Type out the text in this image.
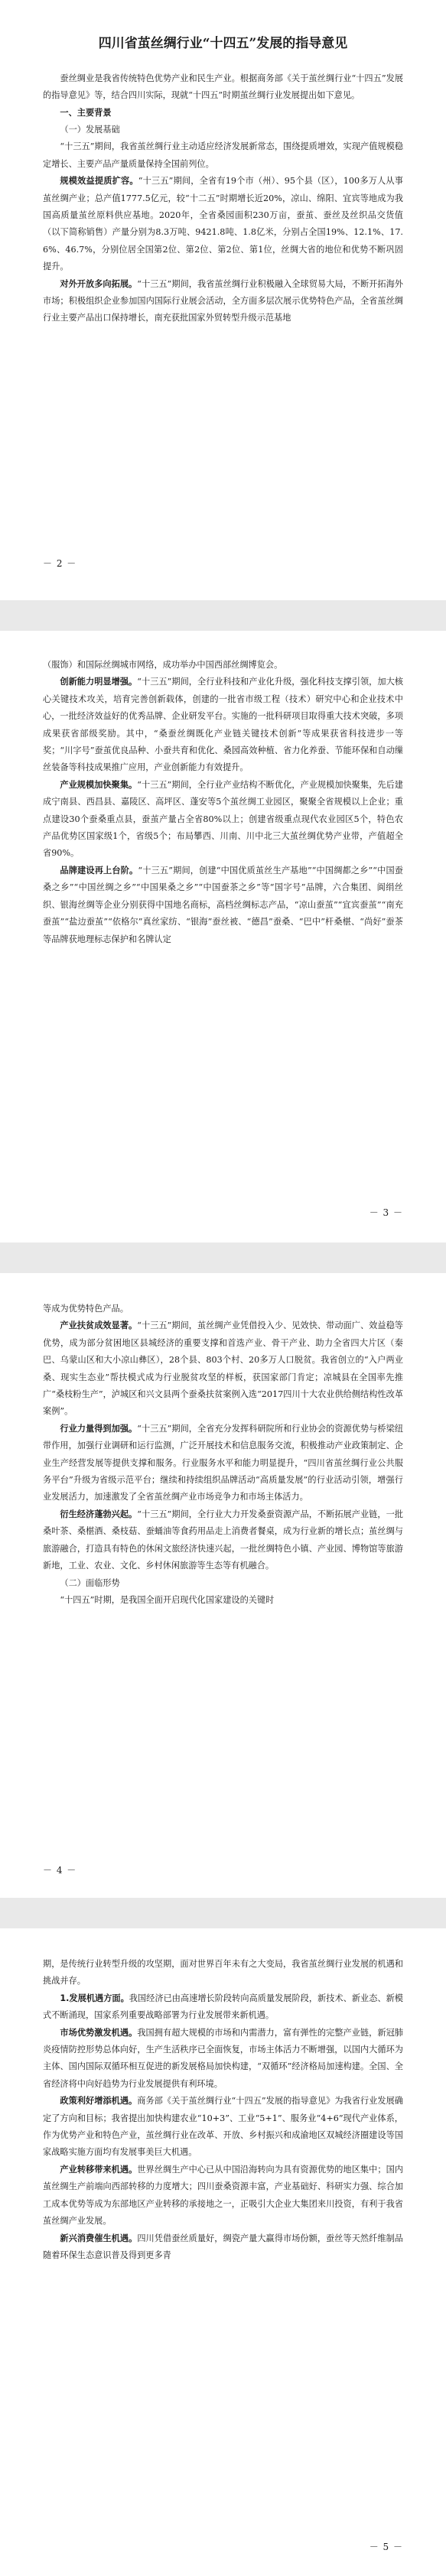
四川省茧丝绸行业“十四五”发展的指导意见

蚕丝绸业是我省传统特色优势产业和民生产业。根据商务部《关于茧丝绸行业“十四五”发展的指导意见》等，结合四川实际，现就“十四五”时期茧丝绸行业发展提出如下意见。

一、主要背景

（一）发展基础

“十三五”期间，我省茧丝绸行业主动适应经济发展新常态，围绕提质增效，实现产值规模稳定增长、主要产品产量质量保持全国前列位。

规模效益提质扩容。“十三五”期间，全省有19个市（州）、95个县（区），100多万人从事茧丝绸产业；总产值1777.5亿元，较“十二五”时期增长近20%，凉山、绵阳、宜宾等地成为我国高质量茧丝原料供应基地。2020年，全省桑园面积230万亩，蚕茧、蚕丝及丝织品交货值（以下简称销售）产量分别为8.3万吨、9421.8吨、1.8亿米，分别占全国19%、12.1%、17.6%、46.7%，分别位居全国第2位、第2位、第2位、第1位，丝绸大省的地位和优势不断巩固提升。

对外开放多向拓展。“十三五”期间，我省茧丝绸行业积极融入全球贸易大局，不断开拓海外市场；积极组织企业参加国内国际行业展会活动，全方面多层次展示优势特色产品，全省茧丝绸行业主要产品出口保持增长，南充获批国家外贸转型升级示范基地

－ 2 －

（服饰）和国际丝绸城市网络，成功举办中国西部丝绸博览会。

创新能力明显增强。“十三五”期间，全行业科技和产业化升级，强化科技支撑引领，加大核心关键技术攻关，培育完善创新载体，创建的一批省市级工程（技术）研究中心和企业技术中心，一批经济效益好的优秀品牌、企业研发平台。实施的一批科研项目取得重大技术突破，多项成果获省部级奖励。其中，“桑蚕丝绸既化产业链关键技术创新”等成果获省科技进步一等奖；“川字号”蚕茧优良品种、小蚕共育和优化、桑园高效种植、省力化养蚕、节能环保和自动缫丝装备等科技成果推广应用，产业创新能力有效提升。

产业规模加快聚集。“十三五”期间，全行业产业结构不断优化，产业规模加快聚集，先后建成宁南县、西昌县、嘉陵区、高坪区、蓬安等5个茧丝绸工业园区，聚聚全省规模以上企业；重点建设30个蚕桑重点县，蚕茧产量占全省80%以上；创建省级重点现代农业园区5个，特色农产品优势区国家级1个，省级5个；布局攀西、川南、川中北三大茧丝绸优势产业带，产值超全省90%。

品牌建设再上台阶。“十三五”期间，创建“中国优质茧丝生产基地”“中国绸都之乡”“中国蚕桑之乡”“中国丝绸之乡”“中国果桑之乡”“中国蚕茶之乡”等“国字号”品牌，六合集团、阆绢丝织、银海丝绸等企业分别获得中国地名商标，高档丝绸标志产品，“凉山蚕茧”“宜宾蚕茧”“南充蚕茧”“盐边蚕茧”“依格尔”真丝家纺、“银海”蚕丝被、“德昌”蚕桑、“巴中”杆桑椹、“尚好”蚕茶等品牌获地理标志保护和名牌认定

－ 3 －

等成为优势特色产品。

产业扶贫成效显著。“十三五”期间，茧丝绸产业凭借投入少、见效快、带动面广、效益稳等优势，成为部分贫困地区县城经济的重要支撑和首选产业、骨干产业、助力全省四大片区（秦巴、乌蒙山区和大小凉山彝区），28个县、803个村、20多万人口脱贫。我省创立的“入户两业桑、现实生态业”帮扶模式成为行业脱贫攻坚的样板，获国家部门肯定；凉城县在全国率先推广“桑枝粉生产”，泸城区和兴文县两个蚕桑扶贫案例入选“2017四川十大农业供给侧结构性改革案例”。

行业力量得到加强。“十三五”期间，全省充分发挥科研院所和行业协会的资源优势与桥梁纽带作用，加强行业调研和运行监测，广泛开展技术和信息服务交流，积极推动产业政策制定、企业生产经营发展等提供支撑和服务。行业服务水平和能力明显提升，“四川省茧丝绸行业公共服务平台”升级为省级示范平台；继续和持续组织品牌活动“高质量发展”的行业活动引领，增强行业发展活力，加速激发了全省茧丝绸产业市场竞争力和市场主体活力。

衍生经济蓬勃兴起。“十三五”期间，全行业大力开发桑蚕资源产品，不断拓展产业链，一批桑叶茶、桑椹酒、桑枝菇、蚕蛹油等食药用品走上消费者餐桌，成为行业新的增长点；茧丝绸与旅游融合，打造具有特色的休闲文旅经济快速兴起，一批丝绸特色小镇、产业园、博物馆等旅游新地，工业、农业、文化、乡村休闲旅游等生态等有机融合。

（二）面临形势

“十四五”时期，是我国全面开启现代化国家建设的关键时

－ 4 －

期，是传统行业转型升级的攻坚期，面对世界百年未有之大变局，我省茧丝绸行业发展的机遇和挑战并存。

1.发展机遇方面。我国经济已由高速增长阶段转向高质量发展阶段，新技术、新业态、新模式不断涌现，国家系列重要战略部署为行业发展带来新机遇。

市场优势激发机遇。我国拥有超大规模的市场和内需潜力，富有弹性的完整产业链，新冠肺炎疫情防控形势总体向好，生产生活秩序已全面恢复，市场主体活力不断增强，以国内大循环为主体、国内国际双循环相互促进的新发展格局加快构建，“双循环”经济格局加速构建。全国、全省经济将中向好趋势为行业发展提供有利环境。

政策利好增添机遇。商务部《关于茧丝绸行业“十四五”发展的指导意见》为我省行业发展确定了方向和目标；我省提出加快构建农业“10+3”、工业“5+1”、服务业“4+6”现代产业体系，作为优势产业和特色产业，茧丝绸行业在改革、开放、乡村振兴和成渝地区双城经济圈建设等国家战略实施方面均有发展事美巨大机遇。

产业转移带来机遇。世界丝绸生产中心已从中国沿海转向为具有资源优势的地区集中；国内茧丝绸生产前端向西部转移的力度增大；四川蚕桑资源丰富，产业基础好、科研实力强、综合加工成本优势等成为东部地区产业转移的承接地之一，正吸引大企业大集团来川投资，有利于我省茧丝绸产业发展。

新兴消费催生机遇。四川凭借蚕丝质量好，绸瓷产量大赢得市场份额，蚕丝等天然纤维制品随着环保生态意识普及得到更多青

－ 5 －
